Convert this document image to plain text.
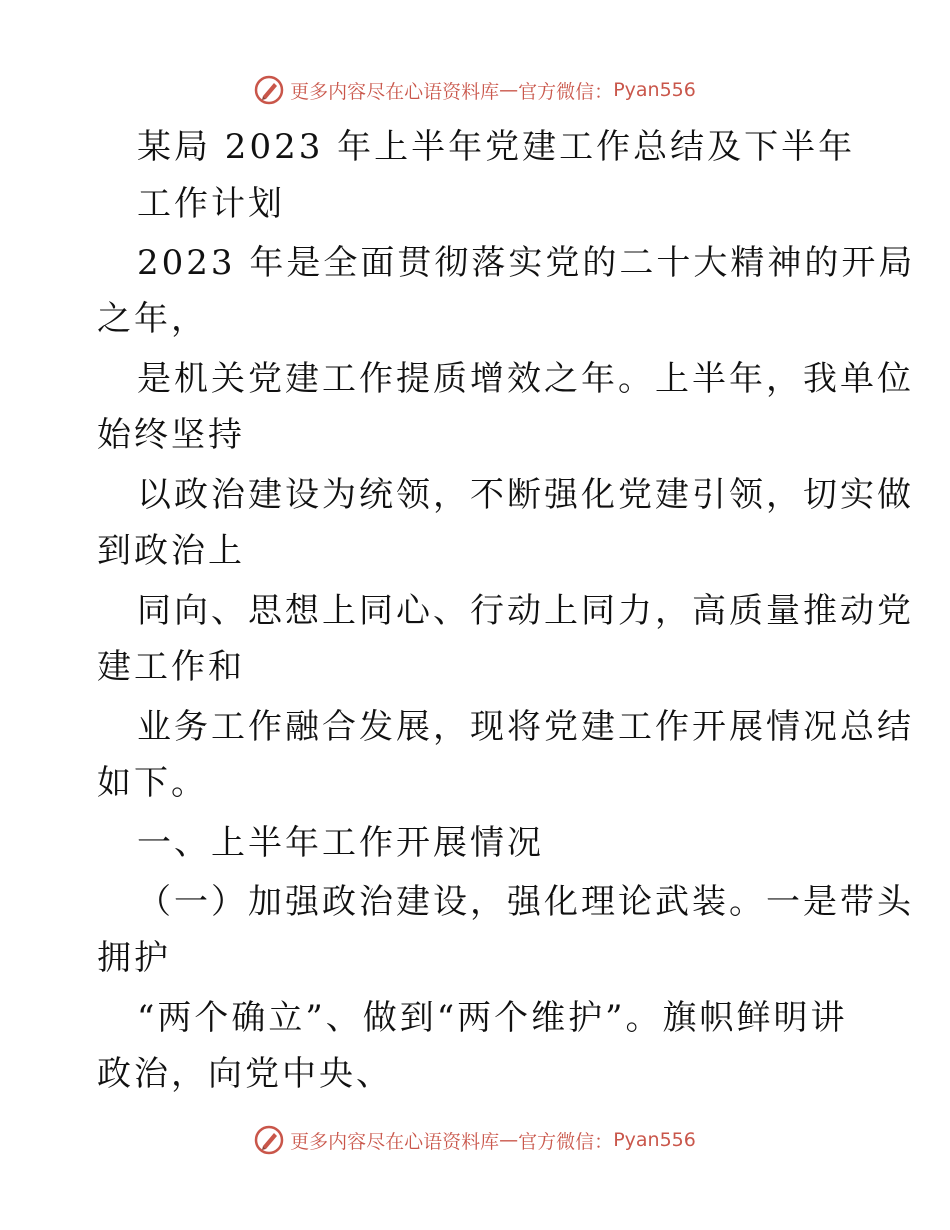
更多内容尽在心语资料库 — 官方微信： Pyan556
某局 2023 年上半年党建工作总结及下半年
工作计划
2023 年是全面贯彻落实党的二十大精神的开局
之年，
是机关党建工作提质增效之年。上半年，我单位
始终坚持
以政治建设为统领，不断强化党建引领，切实做
到政治上
同向、思想上同心、行动上同力，高质量推动党
建工作和
业务工作融合发展，现将党建工作开展情况总结
如下。
一、上半年工作开展情况
（一）加强政治建设，强化理论武装。一是带头
拥护
“两个确立”、做到“两个维护”。旗帜鲜明讲
政治，向党中央、
更多内容尽在心语资料库 — 官方微信： Pyan556
